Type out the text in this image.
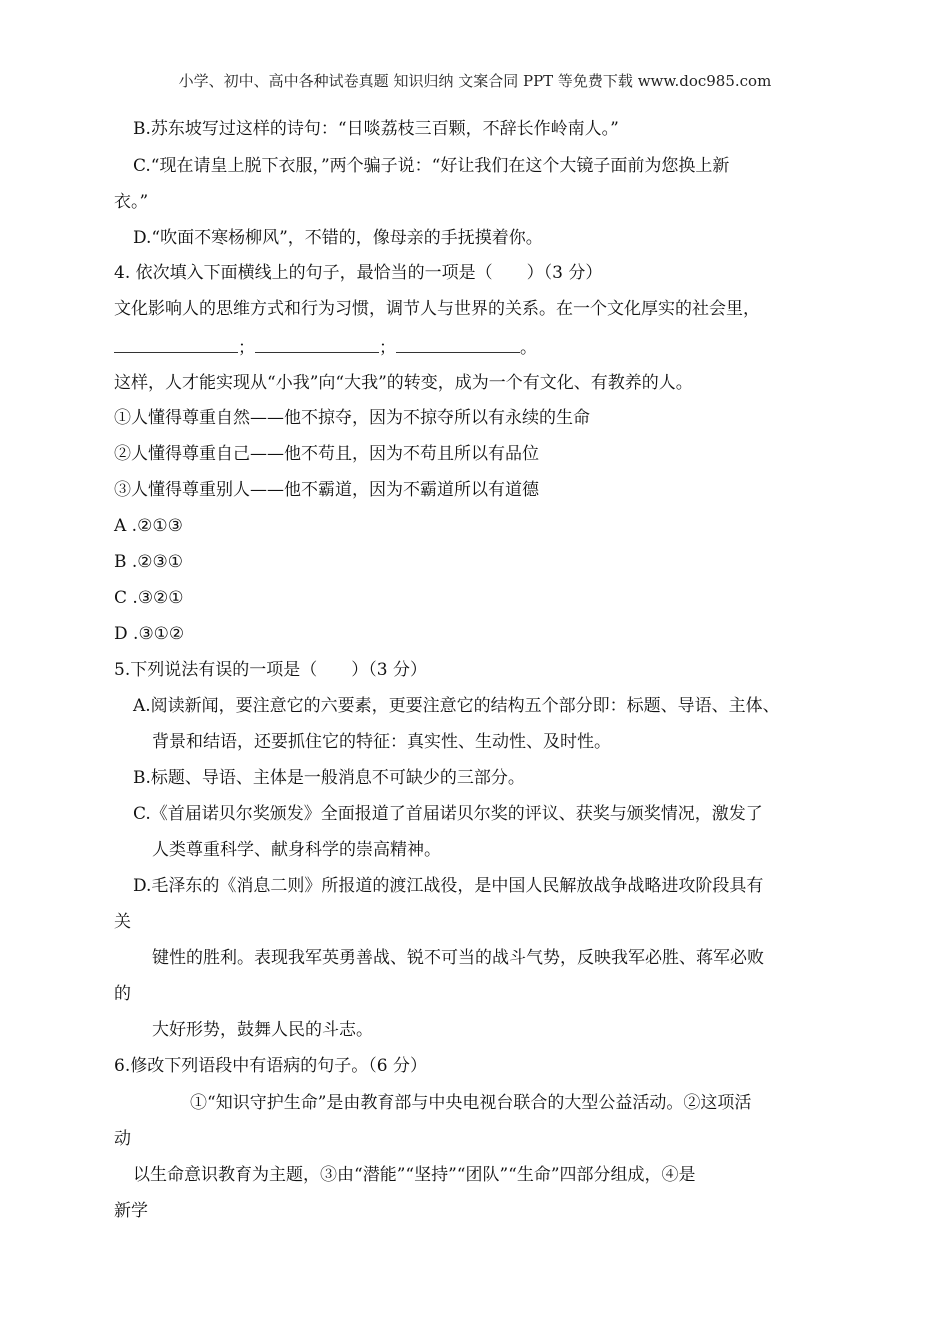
小学、初中、高中各种试卷真题 知识归纳 文案合同 PPT 等免费下载 www.doc985.com
B.苏东坡写过这样的诗句：“日啖荔枝三百颗，不辞长作岭南人。”
C.“现在请皇上脱下衣服，”两个骗子说：“好让我们在这个大镜子面前为您换上新
衣。”
D.“吹面不寒杨柳风”，不错的，像母亲的手抚摸着你。
4. 依次填入下面横线上的句子，最恰当的一项是（　　）（3 分）
文化影响人的思维方式和行为习惯，调节人与世界的关系。在一个文化厚实的社会里，
；	；	。
这样，人才能实现从“小我”向“大我”的转变，成为一个有文化、有教养的人。
①人懂得尊重自然——他不掠夺，因为不掠夺所以有永续的生命
②人懂得尊重自己——他不苟且，因为不苟且所以有品位
③人懂得尊重别人——他不霸道，因为不霸道所以有道德
A .②①③
B .②③①
C .③②①
D .③①②
5.下列说法有误的一项是（　　）（3 分）
A.阅读新闻，要注意它的六要素，更要注意它的结构五个部分即：标题、导语、主体、
背景和结语，还要抓住它的特征：真实性、生动性、及时性。
B.标题、导语、主体是一般消息不可缺少的三部分。
C.《首届诺贝尔奖颁发》全面报道了首届诺贝尔奖的评议、获奖与颁奖情况，激发了
人类尊重科学、献身科学的崇高精神。
D.毛泽东的《消息二则》所报道的渡江战役，是中国人民解放战争战略进攻阶段具有
关
键性的胜利。表现我军英勇善战、锐不可当的战斗气势，反映我军必胜、蒋军必败
的
大好形势，鼓舞人民的斗志。
6.修改下列语段中有语病的句子。（6 分）
①“知识守护生命”是由教育部与中央电视台联合的大型公益活动。②这项活
动
以生命意识教育为主题，③由“潜能”“坚持”“团队”“生命”四部分组成，④是
新学
